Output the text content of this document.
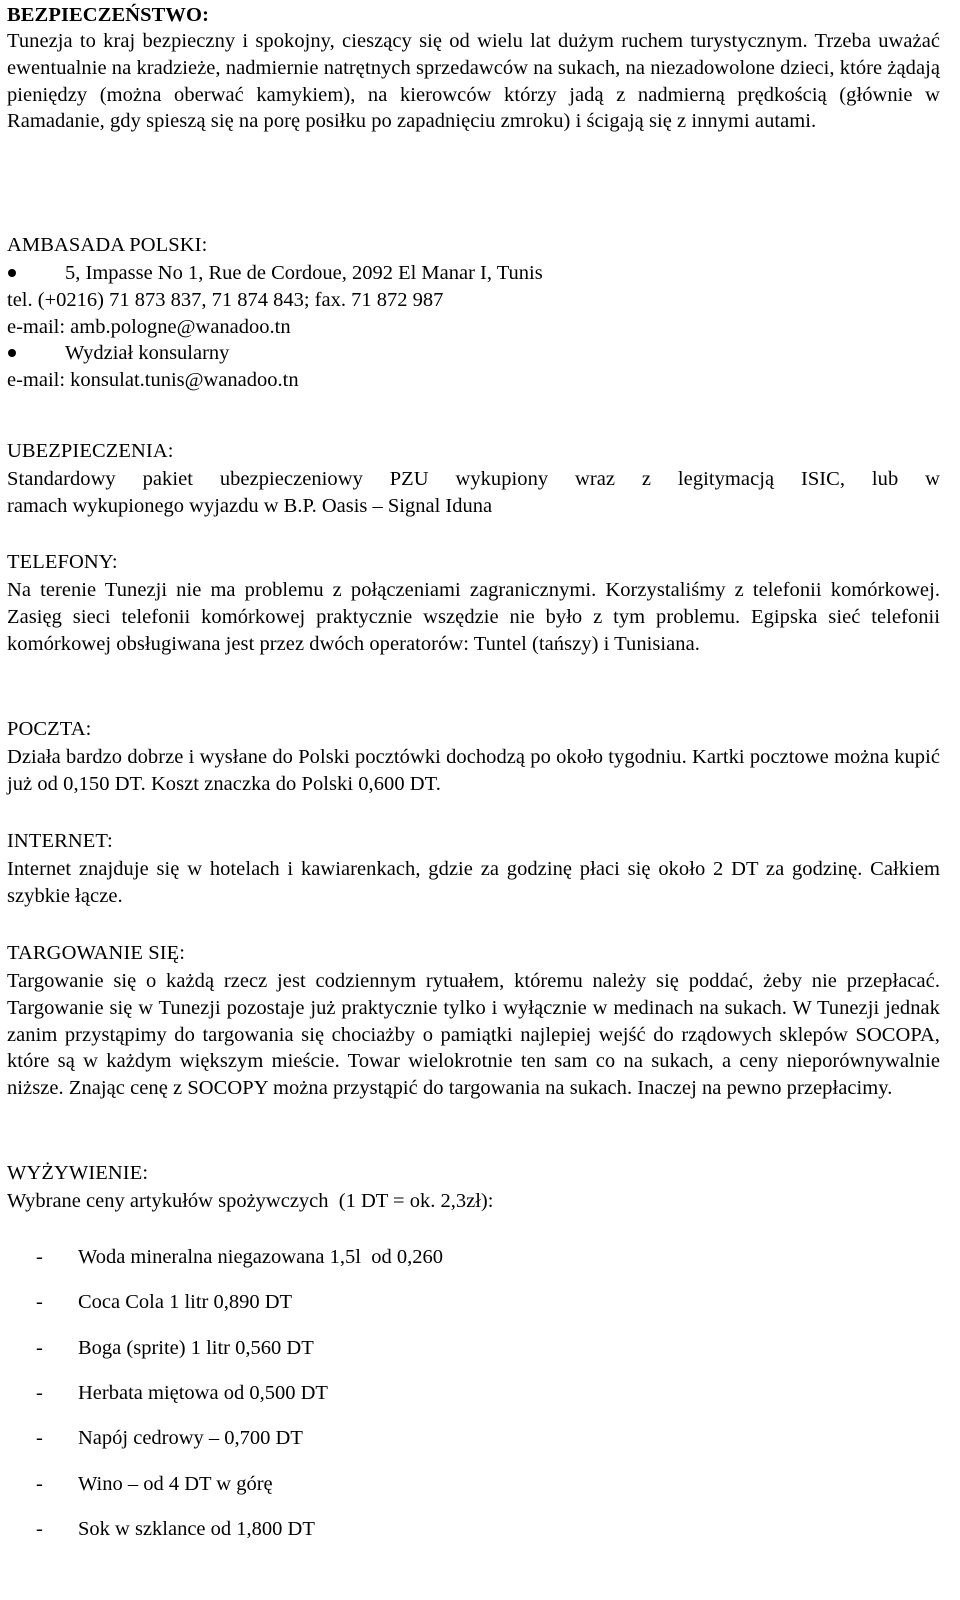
BEZPIECZEŃSTWO:

Tunezja to kraj bezpieczny i spokojny, cieszący się od wielu lat dużym ruchem turystycznym. Trzeba uważać ewentualnie na kradzieże, nadmiernie natrętnych sprzedawców na sukach, na niezadowolone dzieci, które żądają pieniędzy (można oberwać kamykiem), na kierowców którzy jadą z nadmierną prędkością (głównie w Ramadanie, gdy spieszą się na porę posiłku po zapadnięciu zmroku) i ścigają się z innymi autami.

AMBASADA POLSKI:
5, Impasse No 1, Rue de Cordoue, 2092 El Manar I, Tunis

tel. (+0216) 71 873 837, 71 874 843; fax. 71 872 987

e-mail: amb.pologne@wanadoo.tn

Wydział konsularny

e-mail: konsulat.tunis@wanadoo.tn

UBEZPIECZENIA:

Standardowy pakiet ubezpieczeniowy PZU wykupiony wraz z legitymacją ISIC, lub w

ramach wykupionego wyjazdu w B.P. Oasis – Signal Iduna

TELEFONY:

Na terenie Tunezji nie ma problemu z połączeniami zagranicznymi. Korzystaliśmy z telefonii komórkowej. Zasięg sieci telefonii komórkowej praktycznie wszędzie nie było z tym problemu. Egipska sieć telefonii komórkowej obsługiwana jest przez dwóch operatorów: Tuntel (tańszy) i Tunisiana.

POCZTA:

Działa bardzo dobrze i wysłane do Polski pocztówki dochodzą po około tygodniu. Kartki pocztowe można kupić już od 0,150 DT. Koszt znaczka do Polski 0,600 DT.

INTERNET:

Internet znajduje się w hotelach i kawiarenkach, gdzie za godzinę płaci się około 2 DT za godzinę. Całkiem szybkie łącze.

TARGOWANIE SIĘ:

Targowanie się o każdą rzecz jest codziennym rytuałem, któremu należy się poddać, żeby nie przepłacać. Targowanie się w Tunezji pozostaje już praktycznie tylko i wyłącznie w medinach na sukach. W Tunezji jednak zanim przystąpimy do targowania się chociażby o pamiątki najlepiej wejść do rządowych sklepów SOCOPA, które są w każdym większym mieście. Towar wielokrotnie ten sam co na sukach, a ceny nieporównywalnie niższe. Znając cenę z SOCOPY można przystąpić do targowania na sukach. Inaczej na pewno przepłacimy.

WYŻYWIENIE:

Wybrane ceny artykułów spożywczych  (1 DT = ok. 2,3zł):

- Woda mineralna niegazowana 1,5l  od 0,260
- Coca Cola 1 litr 0,890 DT
- Boga (sprite) 1 litr 0,560 DT
- Herbata miętowa od 0,500 DT
- Napój cedrowy – 0,700 DT
- Wino – od 4 DT w górę
- Sok w szklance od 1,800 DT
